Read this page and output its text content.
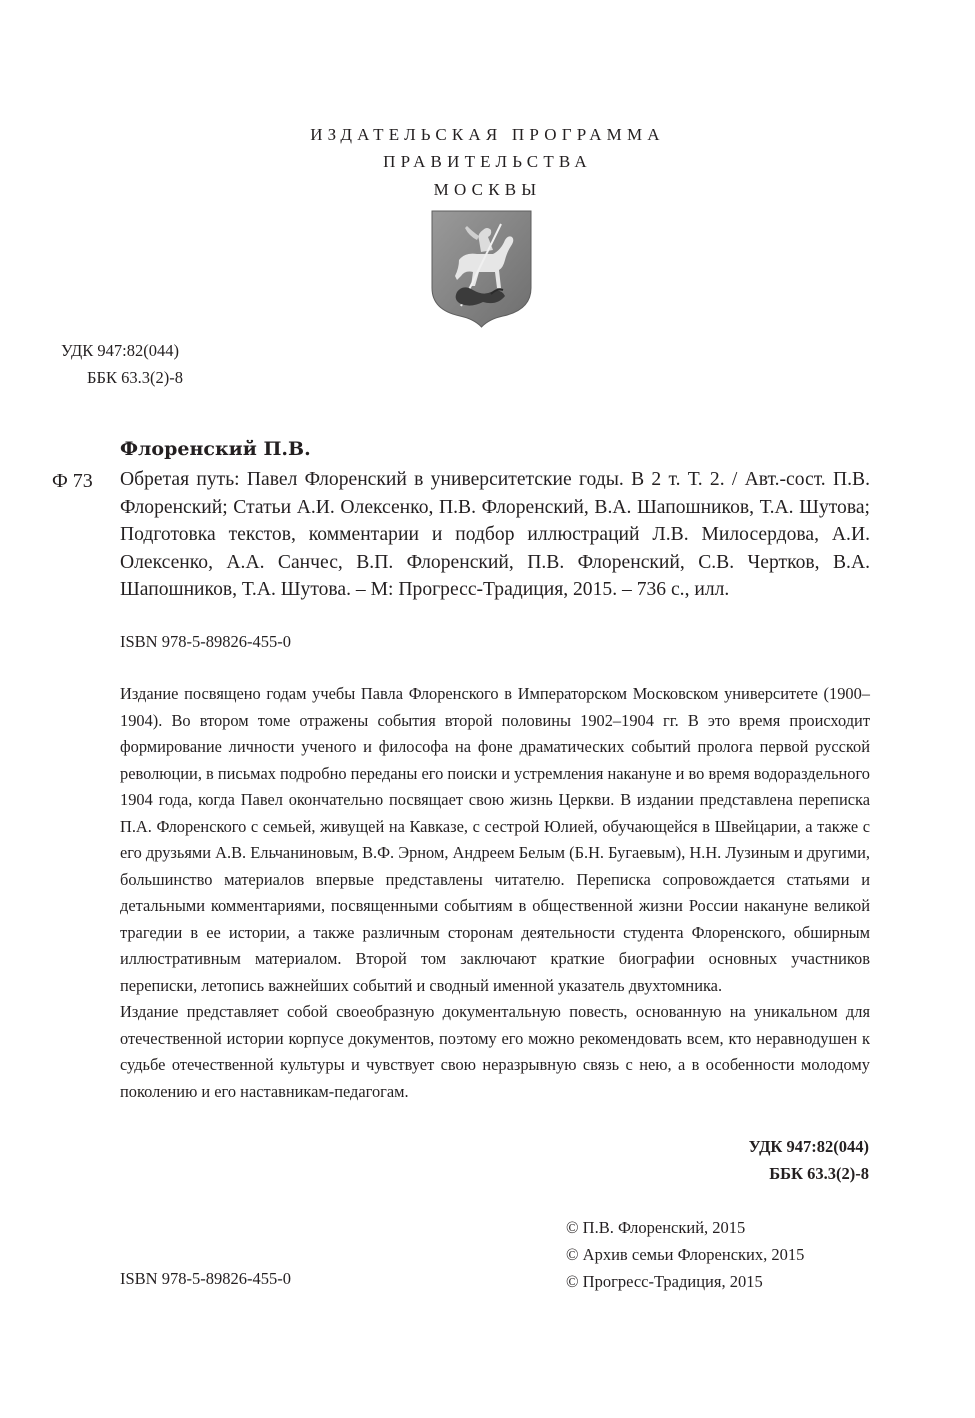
ИЗДАТЕЛЬСКАЯ ПРОГРАММА
ПРАВИТЕЛЬСТВА
МОСКВЫ
УДК 947:82(044)
ББК 63.3(2)-8
Флоренский П.В.
Ф 73 Обретая путь: Павел Флоренский в университетские годы. В 2 т. Т. 2. / Авт.-сост. П.В. Флоренский; Статьи А.И. Олексенко, П.В. Флоренский, В.А. Шапошников, Т.А. Шутова; Подготовка текстов, комментарии и подбор иллюстраций Л.В. Милосердова, А.И. Олексенко, А.А. Санчес, В.П. Флоренский, П.В. Флоренский, С.В. Чертков, В.А. Шапошников, Т.А. Шутова. – М: Прогресс-Традиция, 2015. – 736 с., илл.
ISBN 978-5-89826-455-0

Издание посвящено годам учебы Павла Флоренского в Императорском Московском университете (1900–1904). Во втором томе отражены события второй половины 1902–1904 гг. В это время происходит формирование личности ученого и философа на фоне драматических событий пролога первой русской революции, в письмах подробно переданы его поиски и устремления накануне и во время водораздельного 1904 года, когда Павел окончательно посвящает свою жизнь Церкви. В издании представлена переписка П.А. Флоренского с семьей, живущей на Кавказе, с сестрой Юлией, обучающейся в Швейцарии, а также с его друзьями А.В. Ельчаниновым, В.Ф. Эрном, Андреем Белым (Б.Н. Бугаевым), Н.Н. Лузиным и другими, большинство материалов впервые представлены читателю. Переписка сопровождается статьями и детальными комментариями, посвященными событиям в общественной жизни России накануне великой трагедии в ее истории, а также различным сторонам деятельности студента Флоренского, обширным иллюстративным материалом. Второй том заключают краткие биографии основных участников переписки, летопись важнейших событий и сводный именной указатель двухтомника.

Издание представляет собой своеобразную документальную повесть, основанную на уникальном для отечественной истории корпусе документов, поэтому его можно рекомендовать всем, кто неравнодушен к судьбе отечественной культуры и чувствует свою неразрывную связь с нею, а в особенности молодому поколению и его наставникам-педагогам.

УДК 947:82(044)
ББК 63.3(2)-8
© П.В. Флоренский, 2015
© Архив семьи Флоренских, 2015
© Прогресс-Традиция, 2015
ISBN 978-5-89826-455-0
